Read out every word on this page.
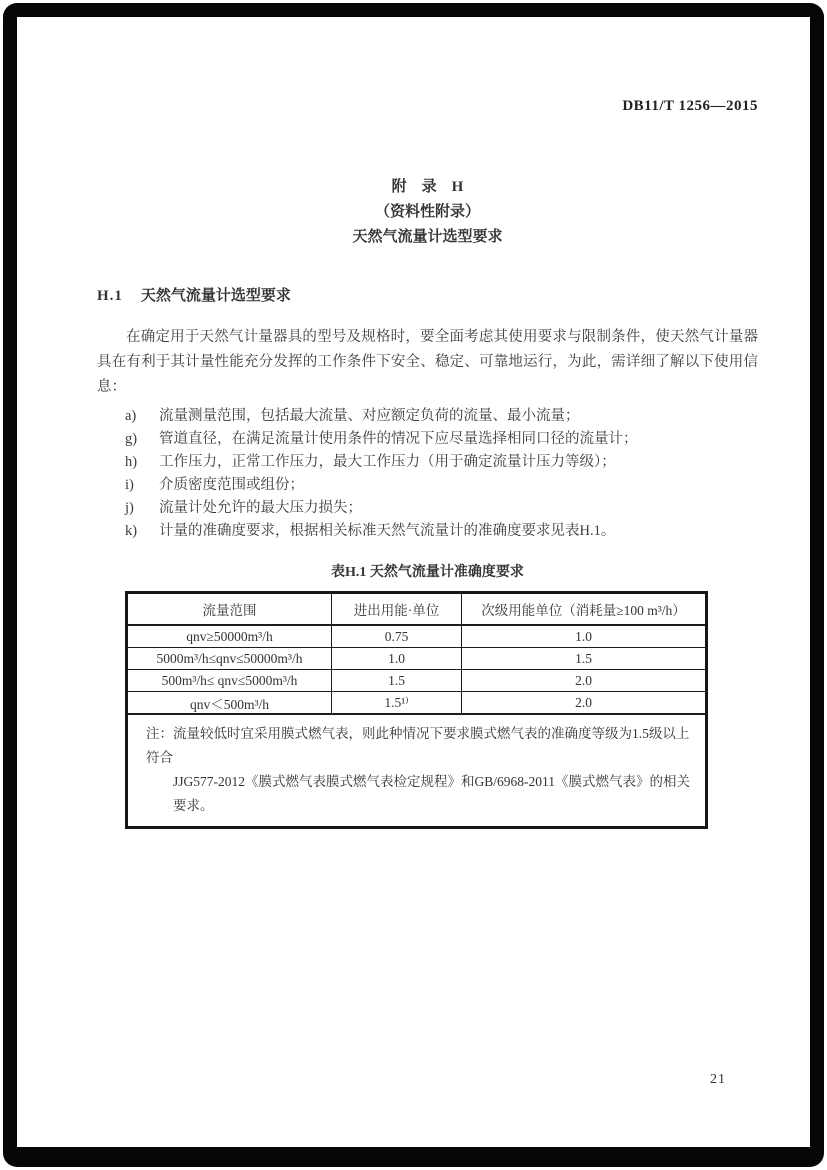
DB11/T 1256—2015
附　录　H
（资料性附录）
天然气流量计选型要求
H.1 天然气流量计选型要求
在确定用于天然气计量器具的型号及规格时，要全面考虑其使用要求与限制条件，使天然气计量器具在有利于其计量性能充分发挥的工作条件下安全、稳定、可靠地运行，为此，需详细了解以下使用信息：
a)	流量测量范围，包括最大流量、对应额定负荷的流量、最小流量；
g)	管道直径，在满足流量计使用条件的情况下应尽量选择相同口径的流量计；
h)	工作压力，正常工作压力，最大工作压力（用于确定流量计压力等级）；
i)	介质密度范围或组份；
j)	流量计处允许的最大压力损失；
k)	计量的准确度要求，根据相关标准天然气流量计的准确度要求见表H.1。
表H.1 天然气流量计准确度要求
流量范围	进出用能·单位	次级用能单位（消耗量≥100 m³/h）
qnv≥50000m³/h	0.75	1.0
5000m³/h≤qnv≤50000m³/h	1.0	1.5
500m³/h≤ qnv≤5000m³/h	1.5	2.0
qnv＜500m³/h	1.5¹⁾	2.0

注：流量较低时宜采用膜式燃气表，则此种情况下要求膜式燃气表的准确度等级为1.5级以上符合
JJG577-2012《膜式燃气表膜式燃气表检定规程》和GB/6968-2011《膜式燃气表》的相关要求。		
21
